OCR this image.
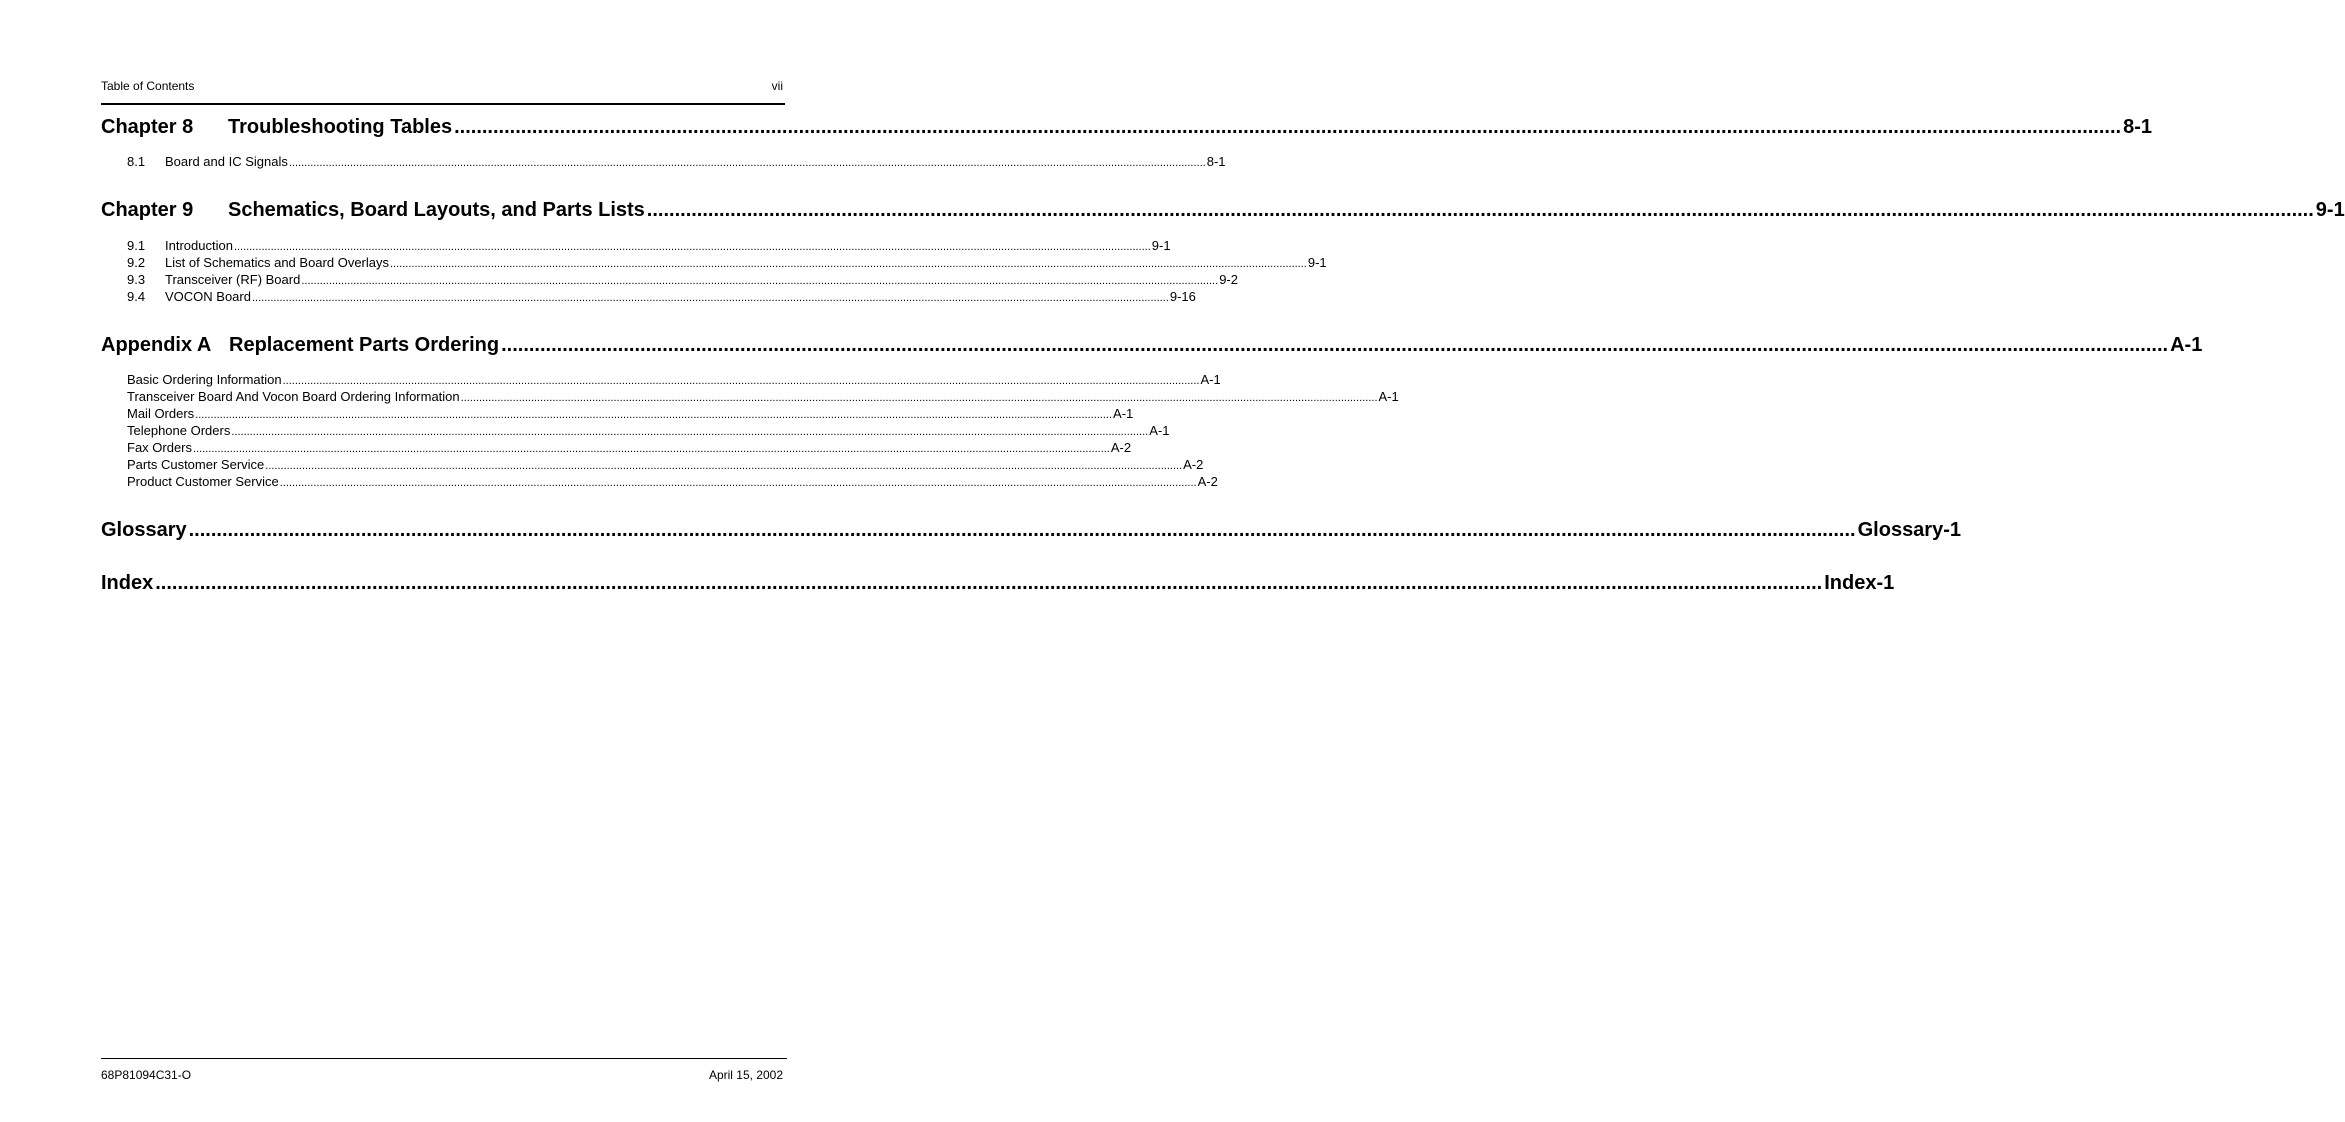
Table of Contents	vii
Chapter 8	Troubleshooting Tables ............................................................................................................................................................................................................................................................................................................ 8-1
8.1	Board and IC Signals ............................................................................................................................................................................................................................................................................................................ 8-1
Chapter 9	Schematics, Board Layouts, and Parts Lists ............................................................................................................................................................................................................................................................................................................ 9-1
9.1	Introduction ............................................................................................................................................................................................................................................................................................................ 9-1
9.2	List of Schematics and Board Overlays ............................................................................................................................................................................................................................................................................................................ 9-1
9.3	Transceiver (RF) Board ............................................................................................................................................................................................................................................................................................................ 9-2
9.4	VOCON Board ............................................................................................................................................................................................................................................................................................................ 9-16
Appendix A Replacement Parts Ordering ............................................................................................................................................................................................................................................................................................................ A-1
Basic Ordering Information ............................................................................................................................................................................................................................................................................................................ A-1
Transceiver Board And Vocon Board Ordering Information ............................................................................................................................................................................................................................................................................................................ A-1
Mail Orders ............................................................................................................................................................................................................................................................................................................ A-1
Telephone Orders ............................................................................................................................................................................................................................................................................................................ A-1
Fax Orders ............................................................................................................................................................................................................................................................................................................ A-2
Parts Customer Service ............................................................................................................................................................................................................................................................................................................ A-2
Product Customer Service ............................................................................................................................................................................................................................................................................................................ A-2
Glossary ............................................................................................................................................................................................................................................................................................................ Glossary-1
Index ............................................................................................................................................................................................................................................................................................................ Index-1
68P81094C31-O	April 15, 2002
